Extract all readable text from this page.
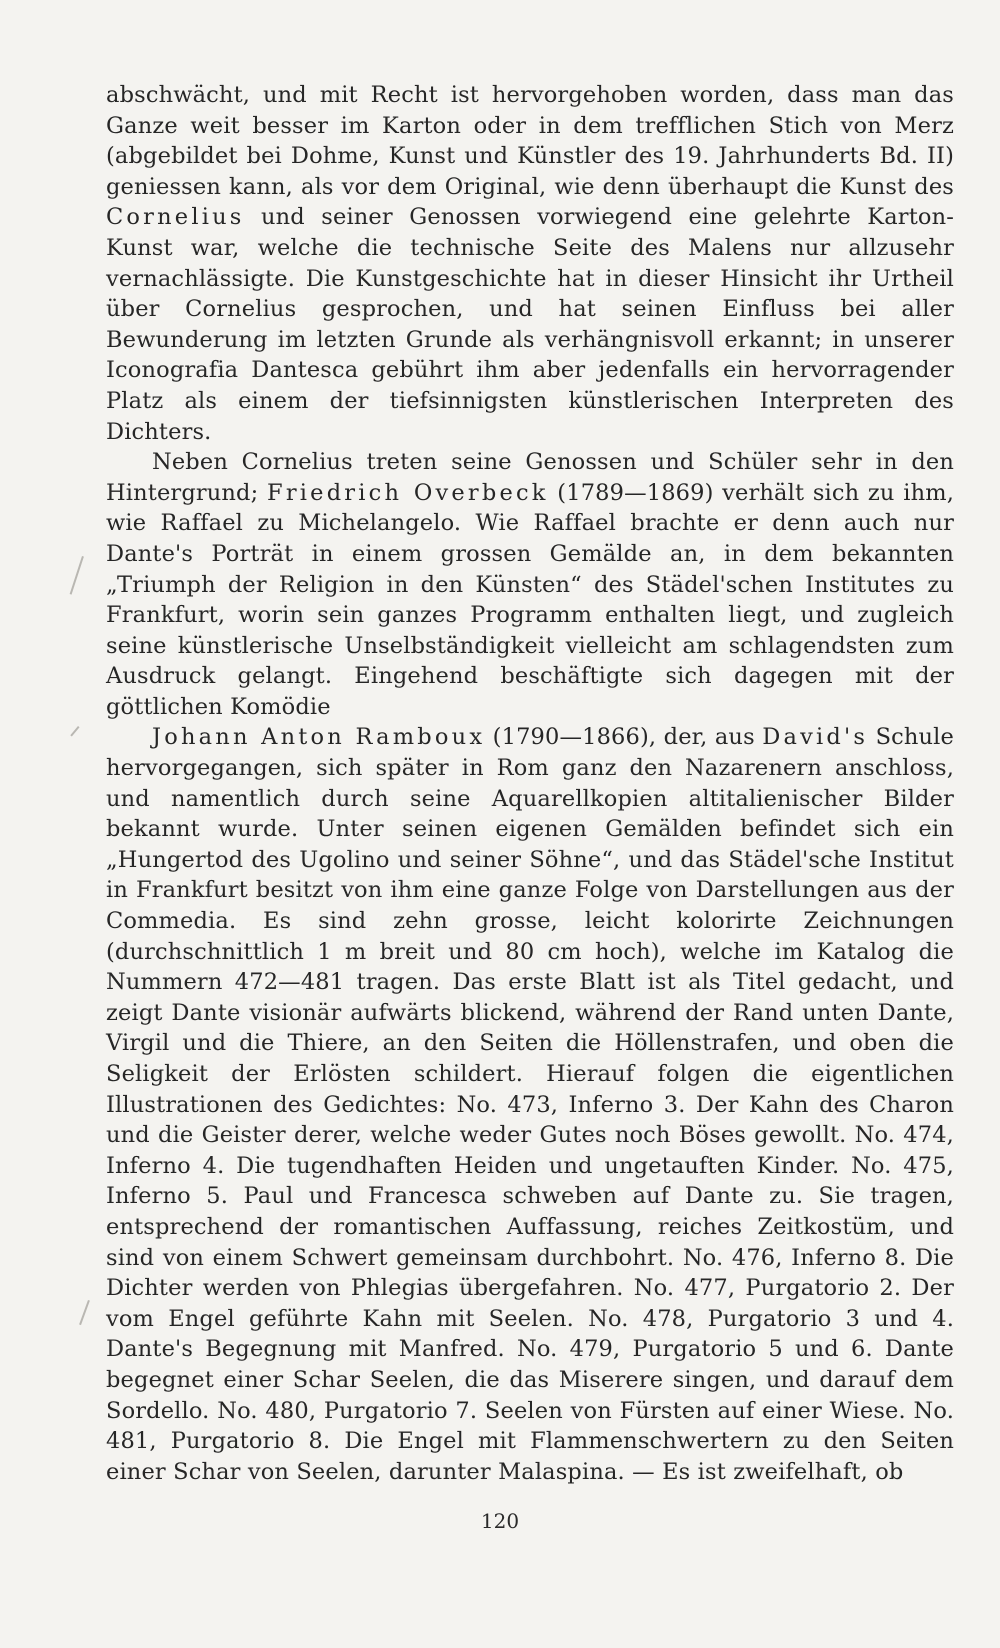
abschwächt, und mit Recht ist hervorgehoben worden, dass man das Ganze weit besser im Karton oder in dem trefflichen Stich von Merz (abgebildet bei Dohme, Kunst und Künstler des 19. Jahrhunderts Bd. II) geniessen kann, als vor dem Original, wie denn überhaupt die Kunst des Cornelius und seiner Genossen vorwiegend eine gelehrte Karton-Kunst war, welche die technische Seite des Malens nur allzusehr vernachlässigte. Die Kunstgeschichte hat in dieser Hinsicht ihr Urtheil über Cornelius gesprochen, und hat seinen Einfluss bei aller Bewunderung im letzten Grunde als verhängnisvoll erkannt; in unserer Iconografia Dantesca gebührt ihm aber jedenfalls ein hervorragender Platz als einem der tiefsinnigsten künstlerischen Interpreten des Dichters.

Neben Cornelius treten seine Genossen und Schüler sehr in den Hintergrund; Friedrich Overbeck (1789—1869) verhält sich zu ihm, wie Raffael zu Michelangelo. Wie Raffael brachte er denn auch nur Dante's Porträt in einem grossen Gemälde an, in dem bekannten „Triumph der Religion in den Künsten“ des Städel'schen Institutes zu Frankfurt, worin sein ganzes Programm enthalten liegt, und zugleich seine künstlerische Unselbständigkeit vielleicht am schlagendsten zum Ausdruck gelangt. Eingehend beschäftigte sich dagegen mit der göttlichen Komödie

Johann Anton Ramboux (1790—1866), der, aus David's Schule hervorgegangen, sich später in Rom ganz den Nazarenern anschloss, und namentlich durch seine Aquarellkopien altitalienischer Bilder bekannt wurde. Unter seinen eigenen Gemälden befindet sich ein „Hungertod des Ugolino und seiner Söhne“, und das Städel'sche Institut in Frankfurt besitzt von ihm eine ganze Folge von Darstellungen aus der Commedia. Es sind zehn grosse, leicht kolorirte Zeichnungen (durchschnittlich 1 m breit und 80 cm hoch), welche im Katalog die Nummern 472—481 tragen. Das erste Blatt ist als Titel gedacht, und zeigt Dante visionär aufwärts blickend, während der Rand unten Dante, Virgil und die Thiere, an den Seiten die Höllenstrafen, und oben die Seligkeit der Erlösten schildert. Hierauf folgen die eigentlichen Illustrationen des Gedichtes: No. 473, Inferno 3. Der Kahn des Charon und die Geister derer, welche weder Gutes noch Böses gewollt. No. 474, Inferno 4. Die tugendhaften Heiden und ungetauften Kinder. No. 475, Inferno 5. Paul und Francesca schweben auf Dante zu. Sie tragen, entsprechend der romantischen Auffassung, reiches Zeitkostüm, und sind von einem Schwert gemeinsam durchbohrt. No. 476, Inferno 8. Die Dichter werden von Phlegias übergefahren. No. 477, Purgatorio 2. Der vom Engel geführte Kahn mit Seelen. No. 478, Purgatorio 3 und 4. Dante's Begegnung mit Manfred. No. 479, Purgatorio 5 und 6. Dante begegnet einer Schar Seelen, die das Miserere singen, und darauf dem Sordello. No. 480, Purgatorio 7. Seelen von Fürsten auf einer Wiese. No. 481, Purgatorio 8. Die Engel mit Flammenschwertern zu den Seiten einer Schar von Seelen, darunter Malaspina. — Es ist zweifelhaft, ob

120
